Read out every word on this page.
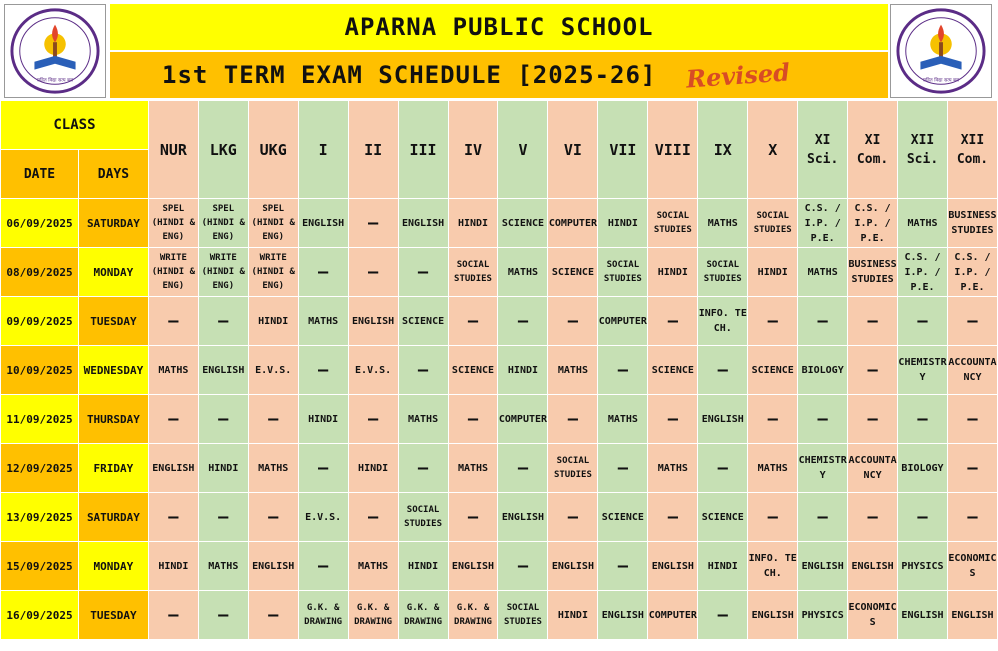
सहित विद्या सत्य बल
APARNA PUBLIC SCHOOL
1st TERM EXAM SCHEDULE [2025-26] Revised	सहित विद्या सत्य बल
CLASS		NUR	LKG	UKG	I	II	III	IV	V	VI	VII	VIII	IX	X	XI Sci.	XI Com.	XII Sci.	XII Com.
DATE	DAYS																	
06/09/2025	SATURDAY	SPEL (HINDI & ENG)	SPEL (HINDI & ENG)	SPEL (HINDI & ENG)	ENGLISH	–	ENGLISH	HINDI	SCIENCE	COMPUTER	HINDI	SOCIAL STUDIES	MATHS	SOCIAL STUDIES	C.S. / I.P. / P.E.	C.S. / I.P. / P.E.	MATHS	BUSINESS STUDIES
08/09/2025	MONDAY	WRITE (HINDI & ENG)	WRITE (HINDI & ENG)	WRITE (HINDI & ENG)	–	–	–	SOCIAL STUDIES	MATHS	SCIENCE	SOCIAL STUDIES	HINDI	SOCIAL STUDIES	HINDI	MATHS	BUSINESS STUDIES	C.S. / I.P. / P.E.	C.S. / I.P. / P.E.
09/09/2025	TUESDAY	–	–	HINDI	MATHS	ENGLISH	SCIENCE	–	–	–	COMPUTER	–	INFO. TECH.	–	–	–	–	–
10/09/2025	WEDNESDAY	MATHS	ENGLISH	E.V.S.	–	E.V.S.	–	SCIENCE	HINDI	MATHS	–	SCIENCE	–	SCIENCE	BIOLOGY	–	CHEMISTRY	ACCOUNTANCY
11/09/2025	THURSDAY	–	–	–	HINDI	–	MATHS	–	COMPUTER	–	MATHS	–	ENGLISH	–	–	–	–	–
12/09/2025	FRIDAY	ENGLISH	HINDI	MATHS	–	HINDI	–	MATHS	–	SOCIAL STUDIES	–	MATHS	–	MATHS	CHEMISTRY	ACCOUNTANCY	BIOLOGY	–
13/09/2025	SATURDAY	–	–	–	E.V.S.	–	SOCIAL STUDIES	–	ENGLISH	–	SCIENCE	–	SCIENCE	–	–	–	–	–
15/09/2025	MONDAY	HINDI	MATHS	ENGLISH	–	MATHS	HINDI	ENGLISH	–	ENGLISH	–	ENGLISH	HINDI	INFO. TECH.	ENGLISH	ENGLISH	PHYSICS	ECONOMICS
16/09/2025	TUESDAY	–	–	–	G.K. & DRAWING	G.K. & DRAWING	G.K. & DRAWING	G.K. & DRAWING	SOCIAL STUDIES	HINDI	ENGLISH	COMPUTER	–	ENGLISH	PHYSICS	ECONOMICS	ENGLISH	ENGLISH
